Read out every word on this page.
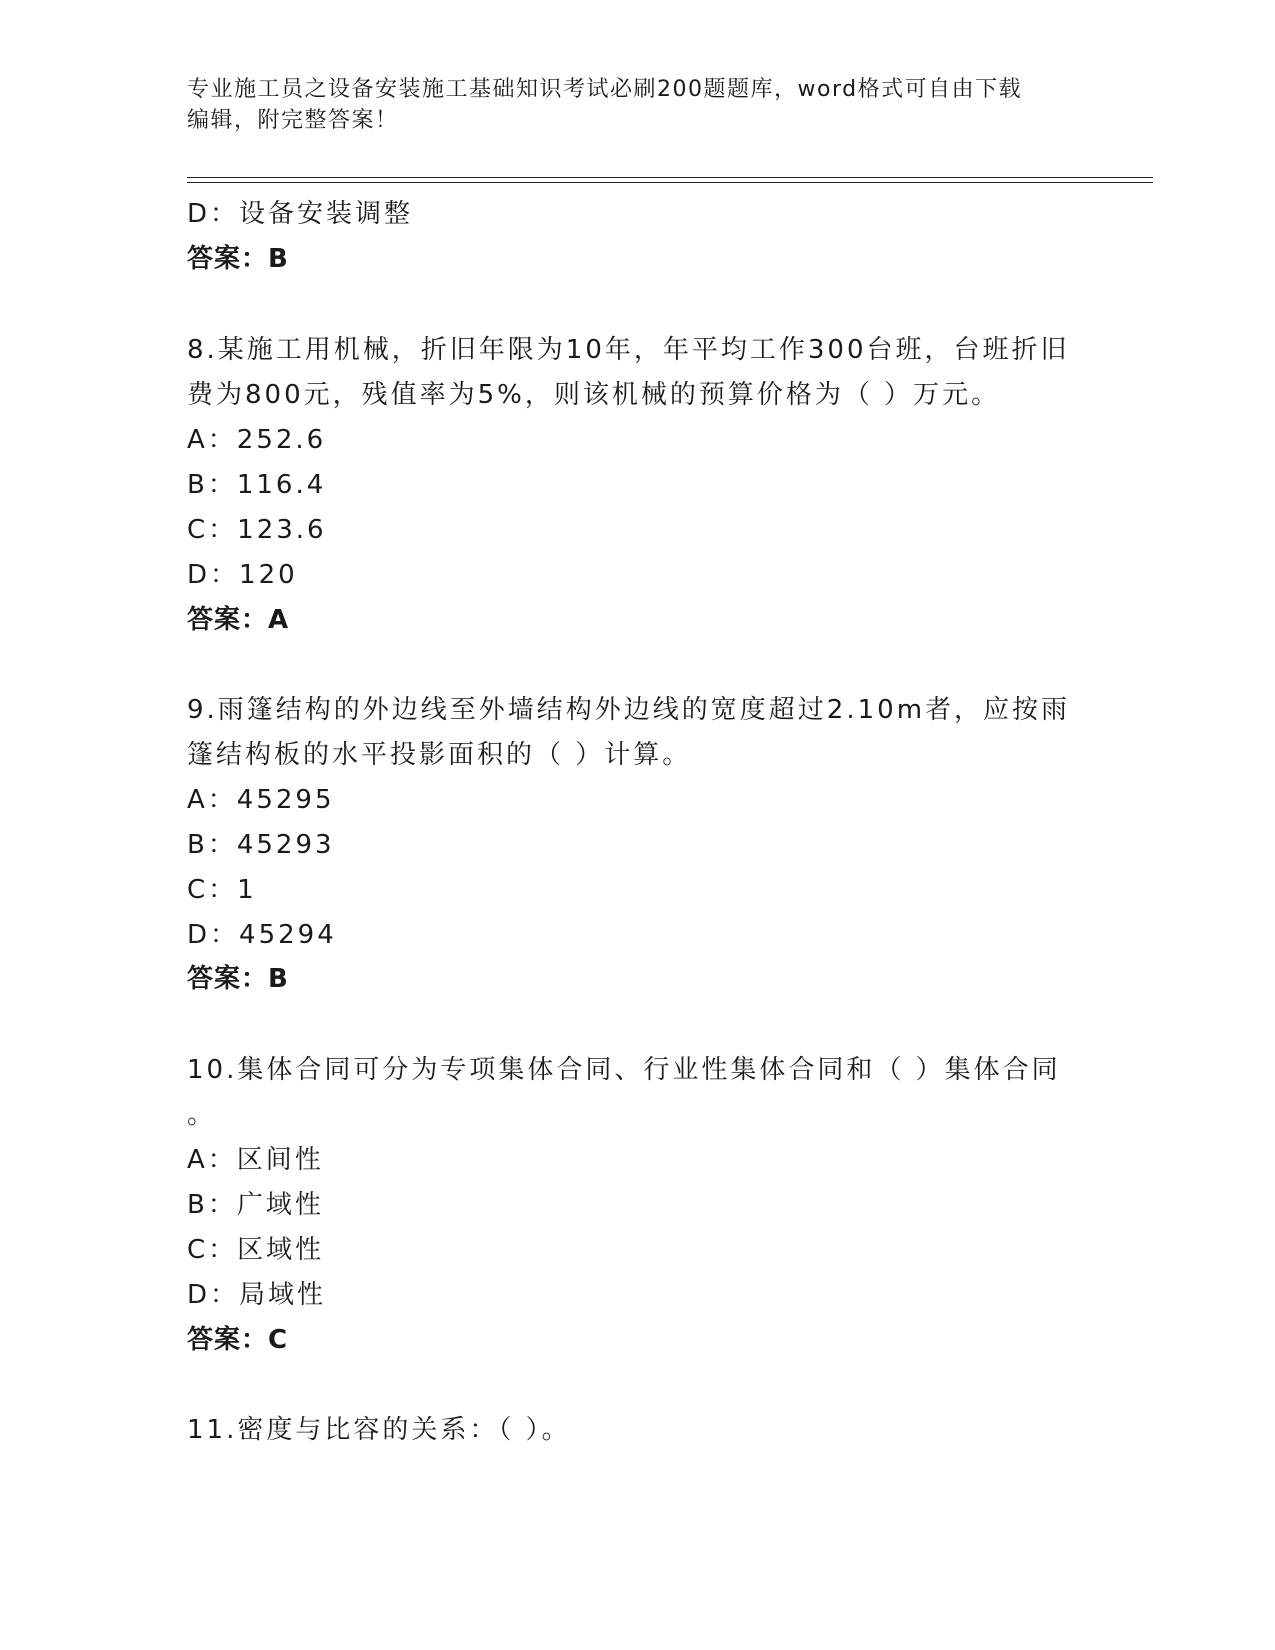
专业施工员之设备安装施工基础知识考试必刷200题题库，word格式可自由下载
编辑，附完整答案！
D：设备安装调整
答案：B
8.某施工用机械，折旧年限为10年，年平均工作300台班，台班折旧
费为800元，残值率为5%，则该机械的预算价格为（ ）万元。
A：252.6
B：116.4
C：123.6
D：120
答案：A
9.雨篷结构的外边线至外墙结构外边线的宽度超过2.10m者，应按雨
篷结构板的水平投影面积的（ ）计算。
A：45295
B：45293
C：1
D：45294
答案：B
10.集体合同可分为专项集体合同、行业性集体合同和（ ）集体合同
。
A：区间性
B：广域性
C：区域性
D：局域性
答案：C
11.密度与比容的关系：（ ）。
